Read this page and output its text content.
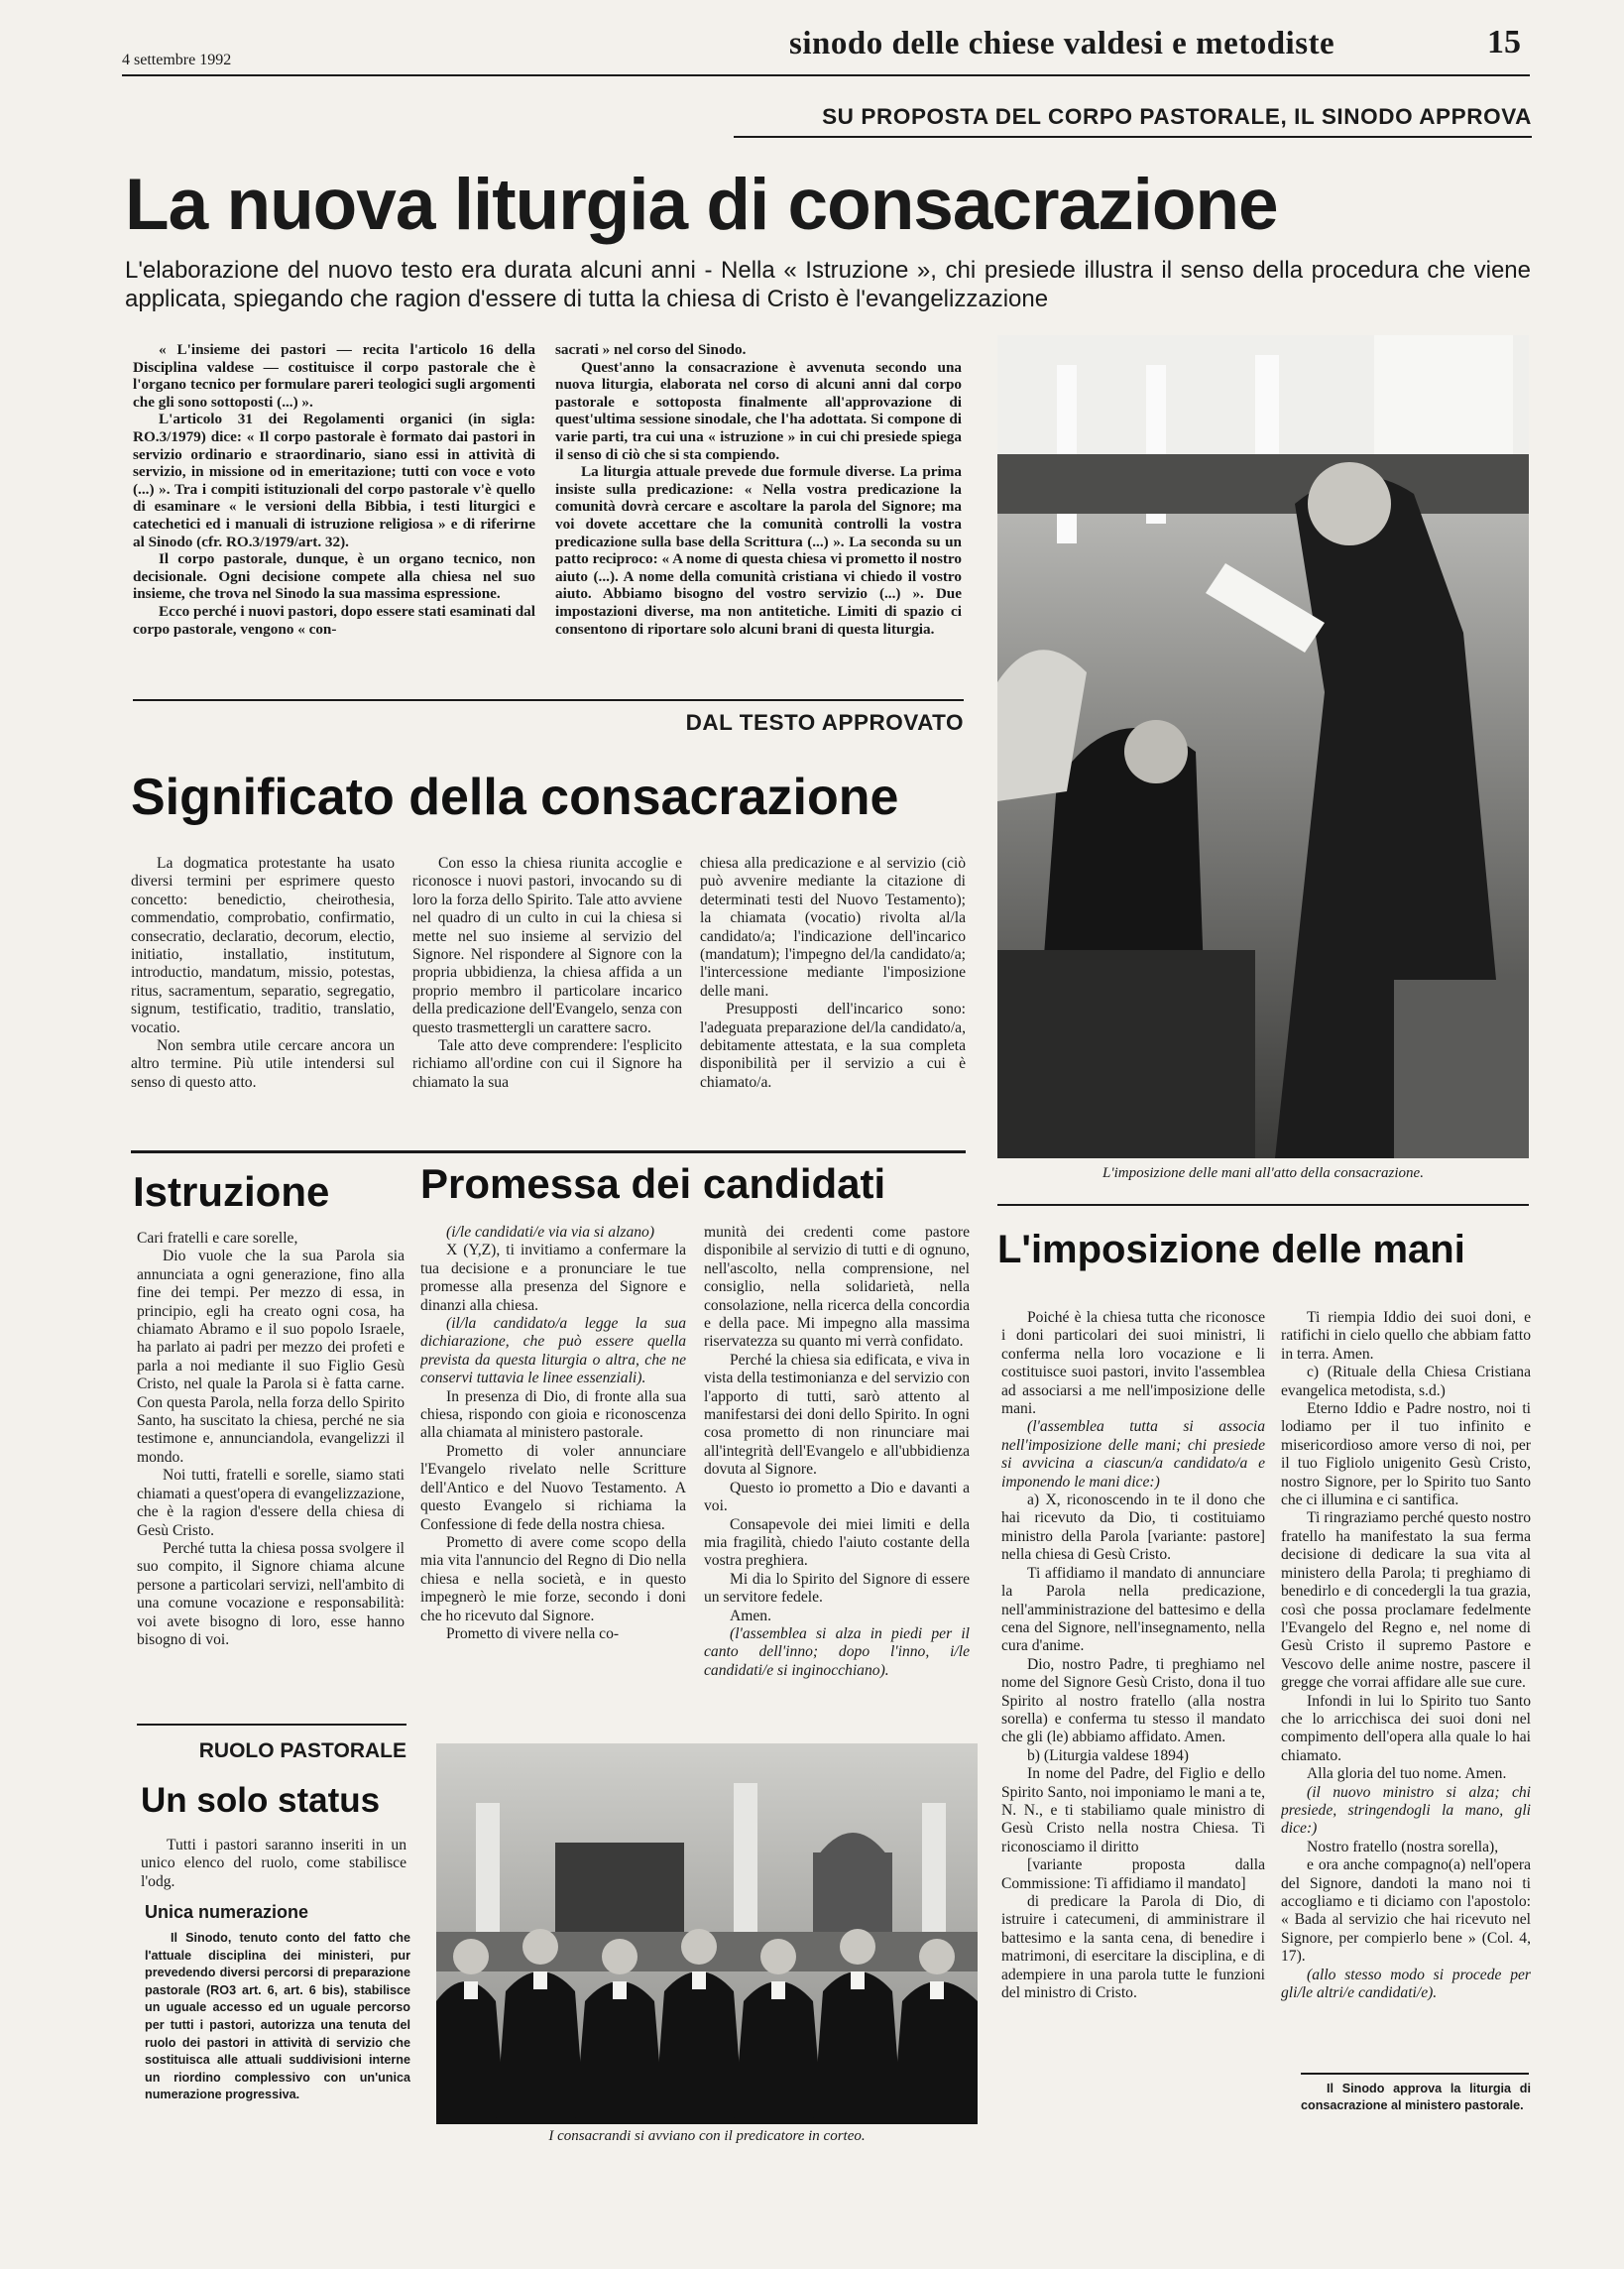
4 settembre 1992	sinodo delle chiese valdesi e metodiste	15
SU PROPOSTA DEL CORPO PASTORALE, IL SINODO APPROVA
La nuova liturgia di consacrazione
L'elaborazione del nuovo testo era durata alcuni anni - Nella « Istruzione », chi presiede illustra il senso della procedura che viene applicata, spiegando che ragion d'essere di tutta la chiesa di Cristo è l'evangelizzazione

« L'insieme dei pastori — recita l'articolo 16 della Disciplina valdese — costituisce il corpo pastorale che è l'organo tecnico per formulare pareri teologici sugli argomenti che gli sono sottoposti (...) ».

L'articolo 31 dei Regolamenti organici (in sigla: RO.3/1979) dice: « Il corpo pastorale è formato dai pastori in servizio ordinario e straordinario, siano essi in attività di servizio, in missione od in emeritazione; tutti con voce e voto (...) ». Tra i compiti istituzionali del corpo pastorale v'è quello di esaminare « le versioni della Bibbia, i testi liturgici e catechetici ed i manuali di istruzione religiosa » e di riferirne al Sinodo (cfr. RO.3/1979/art. 32).

Il corpo pastorale, dunque, è un organo tecnico, non decisionale. Ogni decisione compete alla chiesa nel suo insieme, che trova nel Sinodo la sua massima espressione.

Ecco perché i nuovi pastori, dopo essere stati esaminati dal corpo pastorale, vengono « con-

sacrati » nel corso del Sinodo.

Quest'anno la consacrazione è avvenuta secondo una nuova liturgia, elaborata nel corso di alcuni anni dal corpo pastorale e sottoposta finalmente all'approvazione di quest'ultima sessione sinodale, che l'ha adottata. Si compone di varie parti, tra cui una « istruzione » in cui chi presiede spiega il senso di ciò che si sta compiendo.

La liturgia attuale prevede due formule diverse. La prima insiste sulla predicazione: « Nella vostra predicazione la comunità dovrà cercare e ascoltare la parola del Signore; ma voi dovete accettare che la comunità controlli la vostra predicazione sulla base della Scrittura (...) ». La seconda su un patto reciproco: « A nome di questa chiesa vi prometto il nostro aiuto (...). A nome della comunità cristiana vi chiedo il vostro aiuto. Abbiamo bisogno del vostro servizio (...) ». Due impostazioni diverse, ma non antitetiche. Limiti di spazio ci consentono di riportare solo alcuni brani di questa liturgia.

L'imposizione delle mani all'atto della consacrazione.
DAL TESTO APPROVATO
Significato della consacrazione

La dogmatica protestante ha usato diversi termini per esprimere questo concetto: benedictio, cheirothesia, commendatio, comprobatio, confirmatio, consecratio, declaratio, decorum, electio, initiatio, installatio, institutum, introductio, mandatum, missio, potestas, ritus, sacramentum, separatio, segregatio, signum, testificatio, traditio, translatio, vocatio.

Non sembra utile cercare ancora un altro termine. Più utile intendersi sul senso di questo atto.

Con esso la chiesa riunita accoglie e riconosce i nuovi pastori, invocando su di loro la forza dello Spirito. Tale atto avviene nel quadro di un culto in cui la chiesa si mette nel suo insieme al servizio del Signore. Nel rispondere al Signore con la propria ubbidienza, la chiesa affida a un proprio membro il particolare incarico della predicazione dell'Evangelo, senza con questo trasmettergli un carattere sacro.

Tale atto deve comprendere: l'esplicito richiamo all'ordine con cui il Signore ha chiamato la sua

chiesa alla predicazione e al servizio (ciò può avvenire mediante la citazione di determinati testi del Nuovo Testamento); la chiamata (vocatio) rivolta al/la candidato/a; l'indicazione dell'incarico (mandatum); l'impegno del/la candidato/a; l'intercessione mediante l'imposizione delle mani.

Presupposti dell'incarico sono: l'adeguata preparazione del/la candidato/a, debitamente attestata, e la sua completa disponibilità per il servizio a cui è chiamato/a.

Istruzione

Cari fratelli e care sorelle,

Dio vuole che la sua Parola sia annunciata a ogni generazione, fino alla fine dei tempi. Per mezzo di essa, in principio, egli ha creato ogni cosa, ha chiamato Abramo e il suo popolo Israele, ha parlato ai padri per mezzo dei profeti e parla a noi mediante il suo Figlio Gesù Cristo, nel quale la Parola si è fatta carne. Con questa Parola, nella forza dello Spirito Santo, ha suscitato la chiesa, perché ne sia testimone e, annunciandola, evangelizzi il mondo.

Noi tutti, fratelli e sorelle, siamo stati chiamati a quest'opera di evangelizzazione, che è la ragion d'essere della chiesa di Gesù Cristo.

Perché tutta la chiesa possa svolgere il suo compito, il Signore chiama alcune persone a particolari servizi, nell'ambito di una comune vocazione e responsabilità: voi avete bisogno di loro, esse hanno bisogno di voi.

RUOLO PASTORALE
Un solo status

Tutti i pastori saranno inseriti in un unico elenco del ruolo, come stabilisce l'odg.

Unica numerazione

Il Sinodo, tenuto conto del fatto che l'attuale disciplina dei ministeri, pur prevedendo diversi percorsi di preparazione pastorale (RO3 art. 6, art. 6 bis), stabilisce un uguale accesso ed un uguale percorso per tutti i pastori, autorizza una tenuta del ruolo dei pastori in attività di servizio che sostituisca alle attuali suddivisioni interne un riordino complessivo con un'unica numerazione progressiva.

Promessa dei candidati

(i/le candidati/e via via si alzano)

X (Y,Z), ti invitiamo a confermare la tua decisione e a pronunciare le tue promesse alla presenza del Signore e dinanzi alla chiesa.

(il/la candidato/a legge la sua dichiarazione, che può essere quella prevista da questa liturgia o altra, che ne conservi tuttavia le linee essenziali).

In presenza di Dio, di fronte alla sua chiesa, rispondo con gioia e riconoscenza alla chiamata al ministero pastorale.

Prometto di voler annunciare l'Evangelo rivelato nelle Scritture dell'Antico e del Nuovo Testamento. A questo Evangelo si richiama la Confessione di fede della nostra chiesa.

Prometto di avere come scopo della mia vita l'annuncio del Regno di Dio nella chiesa e nella società, e in questo impegnerò le mie forze, secondo i doni che ho ricevuto dal Signore.

Prometto di vivere nella co-

munità dei credenti come pastore disponibile al servizio di tutti e di ognuno, nell'ascolto, nella comprensione, nel consiglio, nella solidarietà, nella consolazione, nella ricerca della concordia e della pace. Mi impegno alla massima riservatezza su quanto mi verrà confidato.

Perché la chiesa sia edificata, e viva in vista della testimonianza e del servizio con l'apporto di tutti, sarò attento al manifestarsi dei doni dello Spirito. In ogni cosa prometto di non rinunciare mai all'integrità dell'Evangelo e all'ubbidienza dovuta al Signore.

Questo io prometto a Dio e davanti a voi.

Consapevole dei miei limiti e della mia fragilità, chiedo l'aiuto costante della vostra preghiera.

Mi dia lo Spirito del Signore di essere un servitore fedele.

Amen.

(l'assemblea si alza in piedi per il canto dell'inno; dopo l'inno, i/le candidati/e si inginocchiano).

I consacrandi si avviano con il predicatore in corteo.
L'imposizione delle mani

Poiché è la chiesa tutta che riconosce i doni particolari dei suoi ministri, li conferma nella loro vocazione e li costituisce suoi pastori, invito l'assemblea ad associarsi a me nell'imposizione delle mani.

(l'assemblea tutta si associa nell'imposizione delle mani; chi presiede si avvicina a ciascun/a candidato/a e imponendo le mani dice:)

a) X, riconoscendo in te il dono che hai ricevuto da Dio, ti costituiamo ministro della Parola [variante: pastore] nella chiesa di Gesù Cristo.

Ti affidiamo il mandato di annunciare la Parola nella predicazione, nell'amministrazione del battesimo e della cena del Signore, nell'insegnamento, nella cura d'anime.

Dio, nostro Padre, ti preghiamo nel nome del Signore Gesù Cristo, dona il tuo Spirito al nostro fratello (alla nostra sorella) e conferma tu stesso il mandato che gli (le) abbiamo affidato. Amen.

b) (Liturgia valdese 1894)

In nome del Padre, del Figlio e dello Spirito Santo, noi imponiamo le mani a te, N. N., e ti stabiliamo quale ministro di Gesù Cristo nella nostra Chiesa. Ti riconosciamo il diritto

[variante proposta dalla Commissione: Ti affidiamo il mandato]

di predicare la Parola di Dio, di istruire i catecumeni, di amministrare il battesimo e la santa cena, di benedire i matrimoni, di esercitare la disciplina, e di adempiere in una parola tutte le funzioni del ministro di Cristo.

Ti riempia Iddio dei suoi doni, e ratifichi in cielo quello che abbiam fatto in terra. Amen.

c) (Rituale della Chiesa Cristiana evangelica metodista, s.d.)

Eterno Iddio e Padre nostro, noi ti lodiamo per il tuo infinito e misericordioso amore verso di noi, per il tuo Figliolo unigenito Gesù Cristo, nostro Signore, per lo Spirito tuo Santo che ci illumina e ci santifica.

Ti ringraziamo perché questo nostro fratello ha manifestato la sua ferma decisione di dedicare la sua vita al ministero della Parola; ti preghiamo di benedirlo e di concedergli la tua grazia, così che possa proclamare fedelmente l'Evangelo del Regno e, nel nome di Gesù Cristo il supremo Pastore e Vescovo delle anime nostre, pascere il gregge che vorrai affidare alle sue cure.

Infondi in lui lo Spirito tuo Santo che lo arricchisca dei suoi doni nel compimento dell'opera alla quale lo hai chiamato.

Alla gloria del tuo nome. Amen.

(il nuovo ministro si alza; chi presiede, stringendogli la mano, gli dice:)

Nostro fratello (nostra sorella),

e ora anche compagno(a) nell'opera del Signore, dandoti la mano noi ti accogliamo e ti diciamo con l'apostolo: « Bada al servizio che hai ricevuto nel Signore, per compierlo bene » (Col. 4, 17).

(allo stesso modo si procede per gli/le altri/e candidati/e).

Il Sinodo approva la liturgia di consacrazione al ministero pastorale.
